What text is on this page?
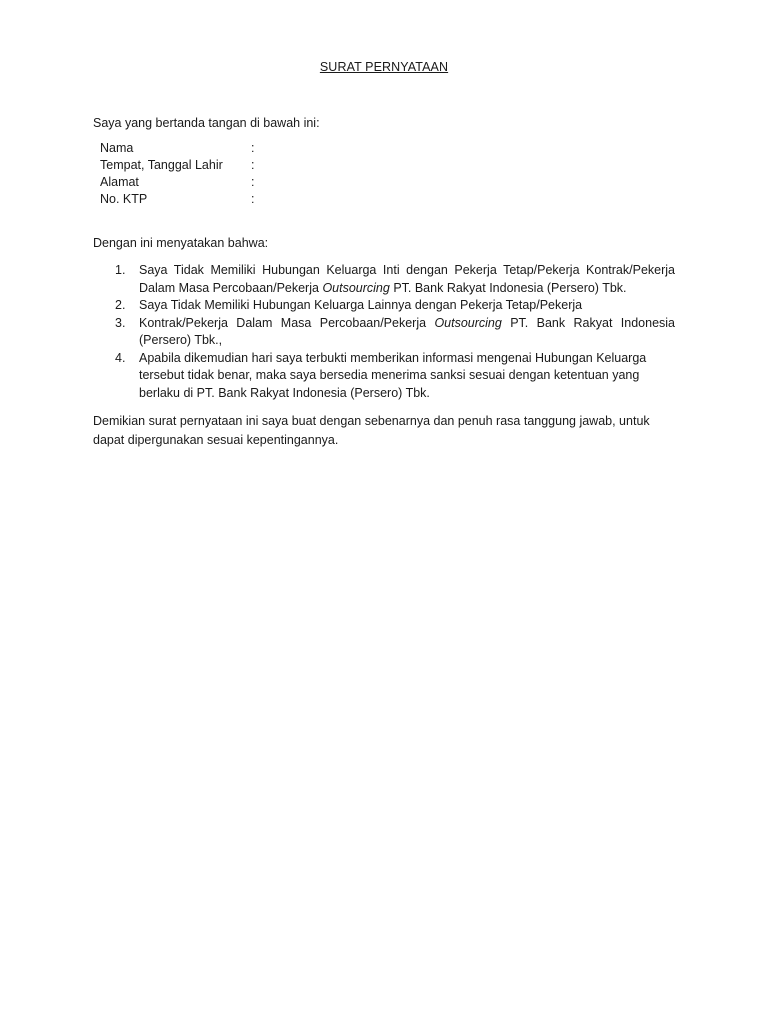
SURAT PERNYATAAN
Saya yang bertanda tangan di bawah ini:
Nama	:
Tempat, Tanggal Lahir :
Alamat	:
No. KTP	:
Dengan ini menyatakan bahwa:
1. Saya Tidak Memiliki Hubungan Keluarga Inti dengan Pekerja Tetap/Pekerja Kontrak/Pekerja Dalam Masa Percobaan/Pekerja Outsourcing PT. Bank Rakyat Indonesia (Persero) Tbk.
2. Saya Tidak Memiliki Hubungan Keluarga Lainnya dengan Pekerja Tetap/Pekerja
3. Kontrak/Pekerja Dalam Masa Percobaan/Pekerja Outsourcing PT. Bank Rakyat Indonesia (Persero) Tbk.,
4. Apabila dikemudian hari saya terbukti memberikan informasi mengenai Hubungan Keluarga tersebut tidak benar, maka saya bersedia menerima sanksi sesuai dengan ketentuan yang berlaku di PT. Bank Rakyat Indonesia (Persero) Tbk.
Demikian surat pernyataan ini saya buat dengan sebenarnya dan penuh rasa tanggung jawab, untuk dapat dipergunakan sesuai kepentingannya.
